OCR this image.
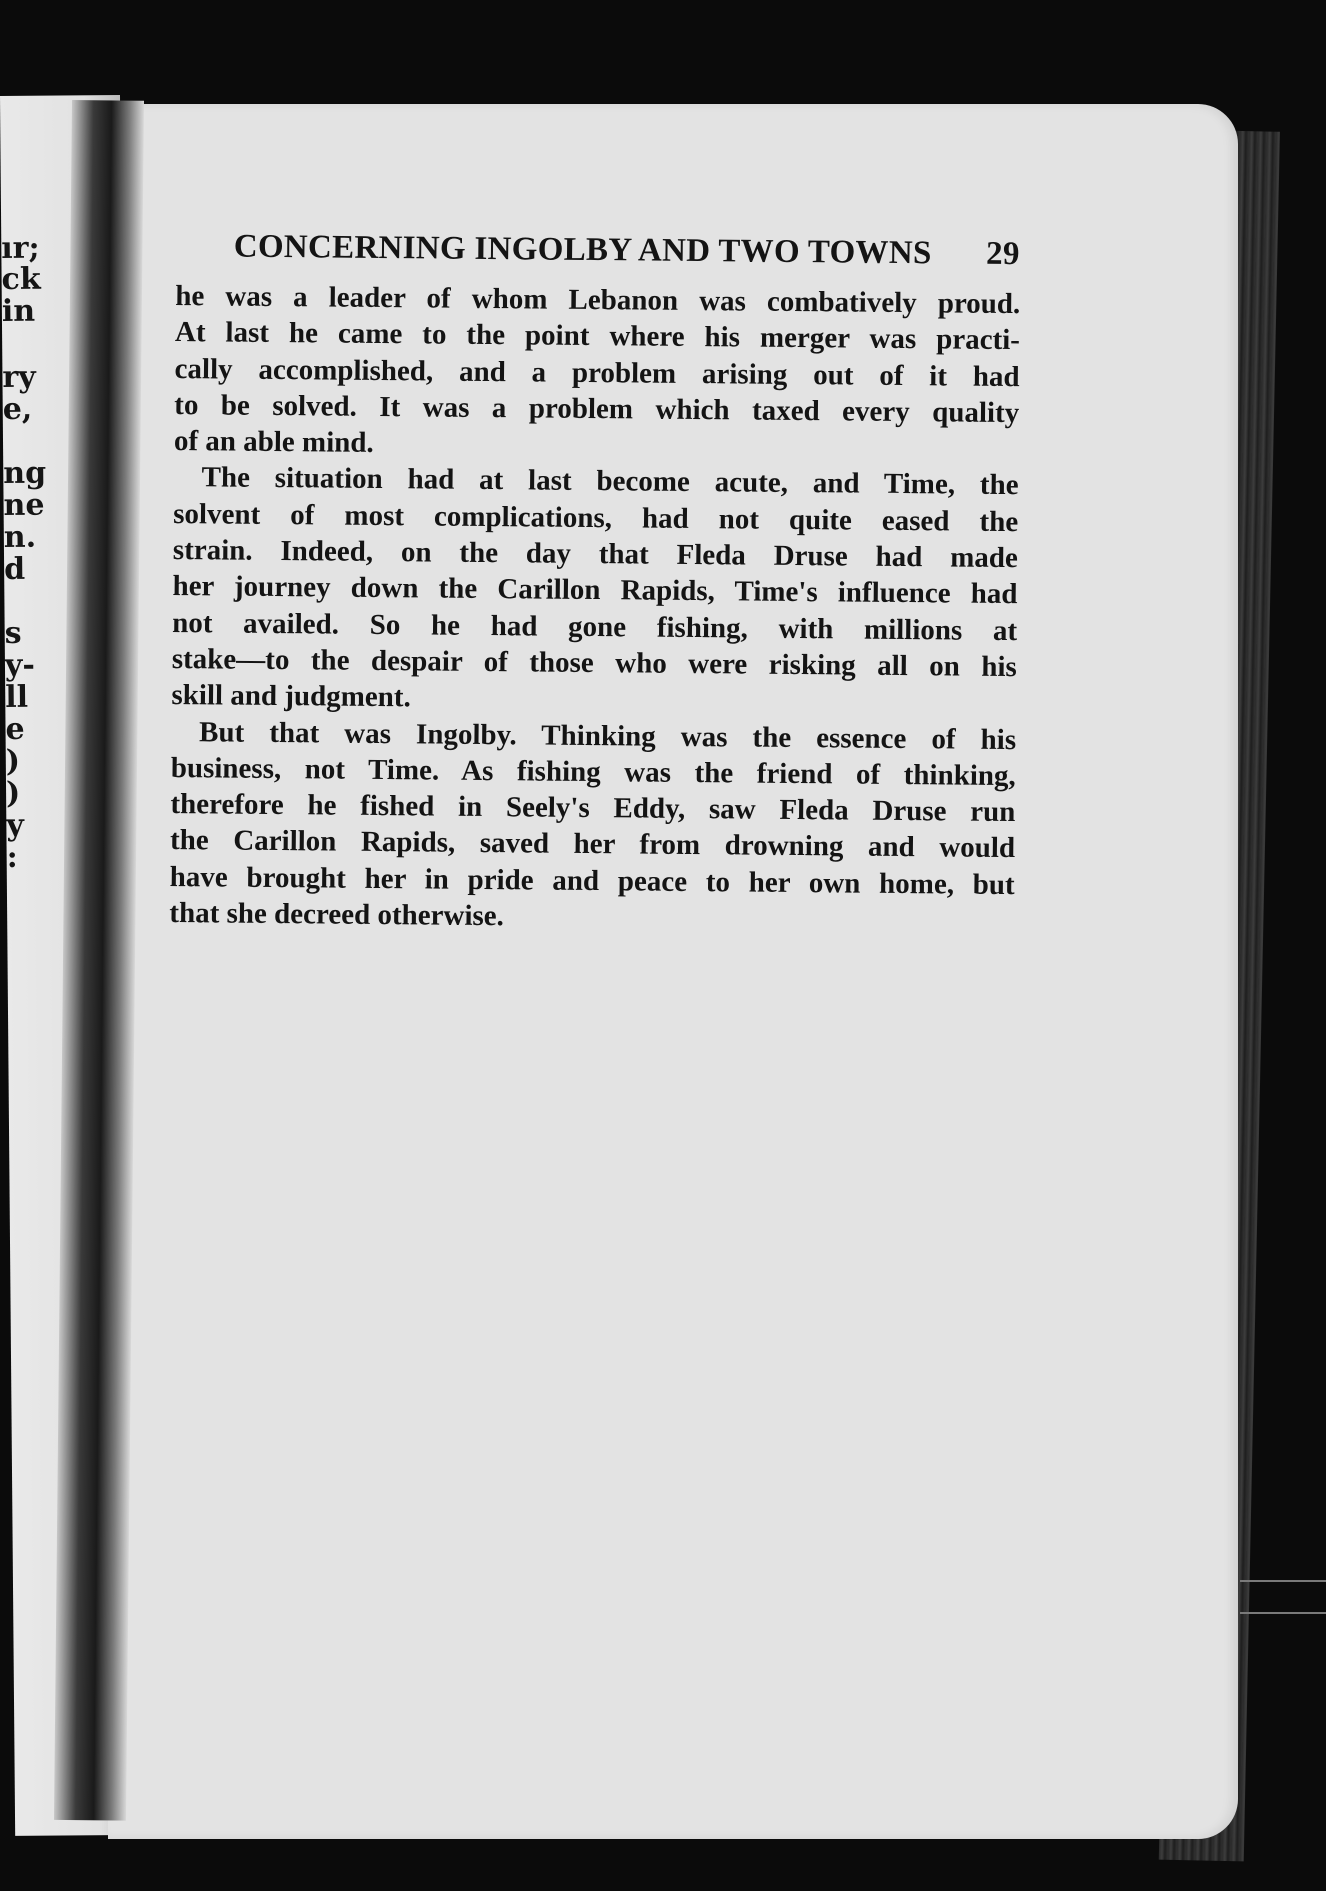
ır;
ck
in
ry
e,
ng
ne
n.
d
s
y-
ll
e
)
)
y
:
CONCERNING INGOLBY AND TWO TOWNS 29
he was a leader of whom Lebanon was combatively proud.
At last he came to the point where his merger was practi-
cally accomplished, and a problem arising out of it had
to be solved. It was a problem which taxed every quality
of an able mind.
The situation had at last become acute, and Time, the
solvent of most complications, had not quite eased the
strain. Indeed, on the day that Fleda Druse had made
her journey down the Carillon Rapids, Time's influence had
not availed. So he had gone fishing, with millions at
stake—to the despair of those who were risking all on his
skill and judgment.
But that was Ingolby. Thinking was the essence of his
business, not Time. As fishing was the friend of thinking,
therefore he fished in Seely's Eddy, saw Fleda Druse run
the Carillon Rapids, saved her from drowning and would
have brought her in pride and peace to her own home, but
that she decreed otherwise.
